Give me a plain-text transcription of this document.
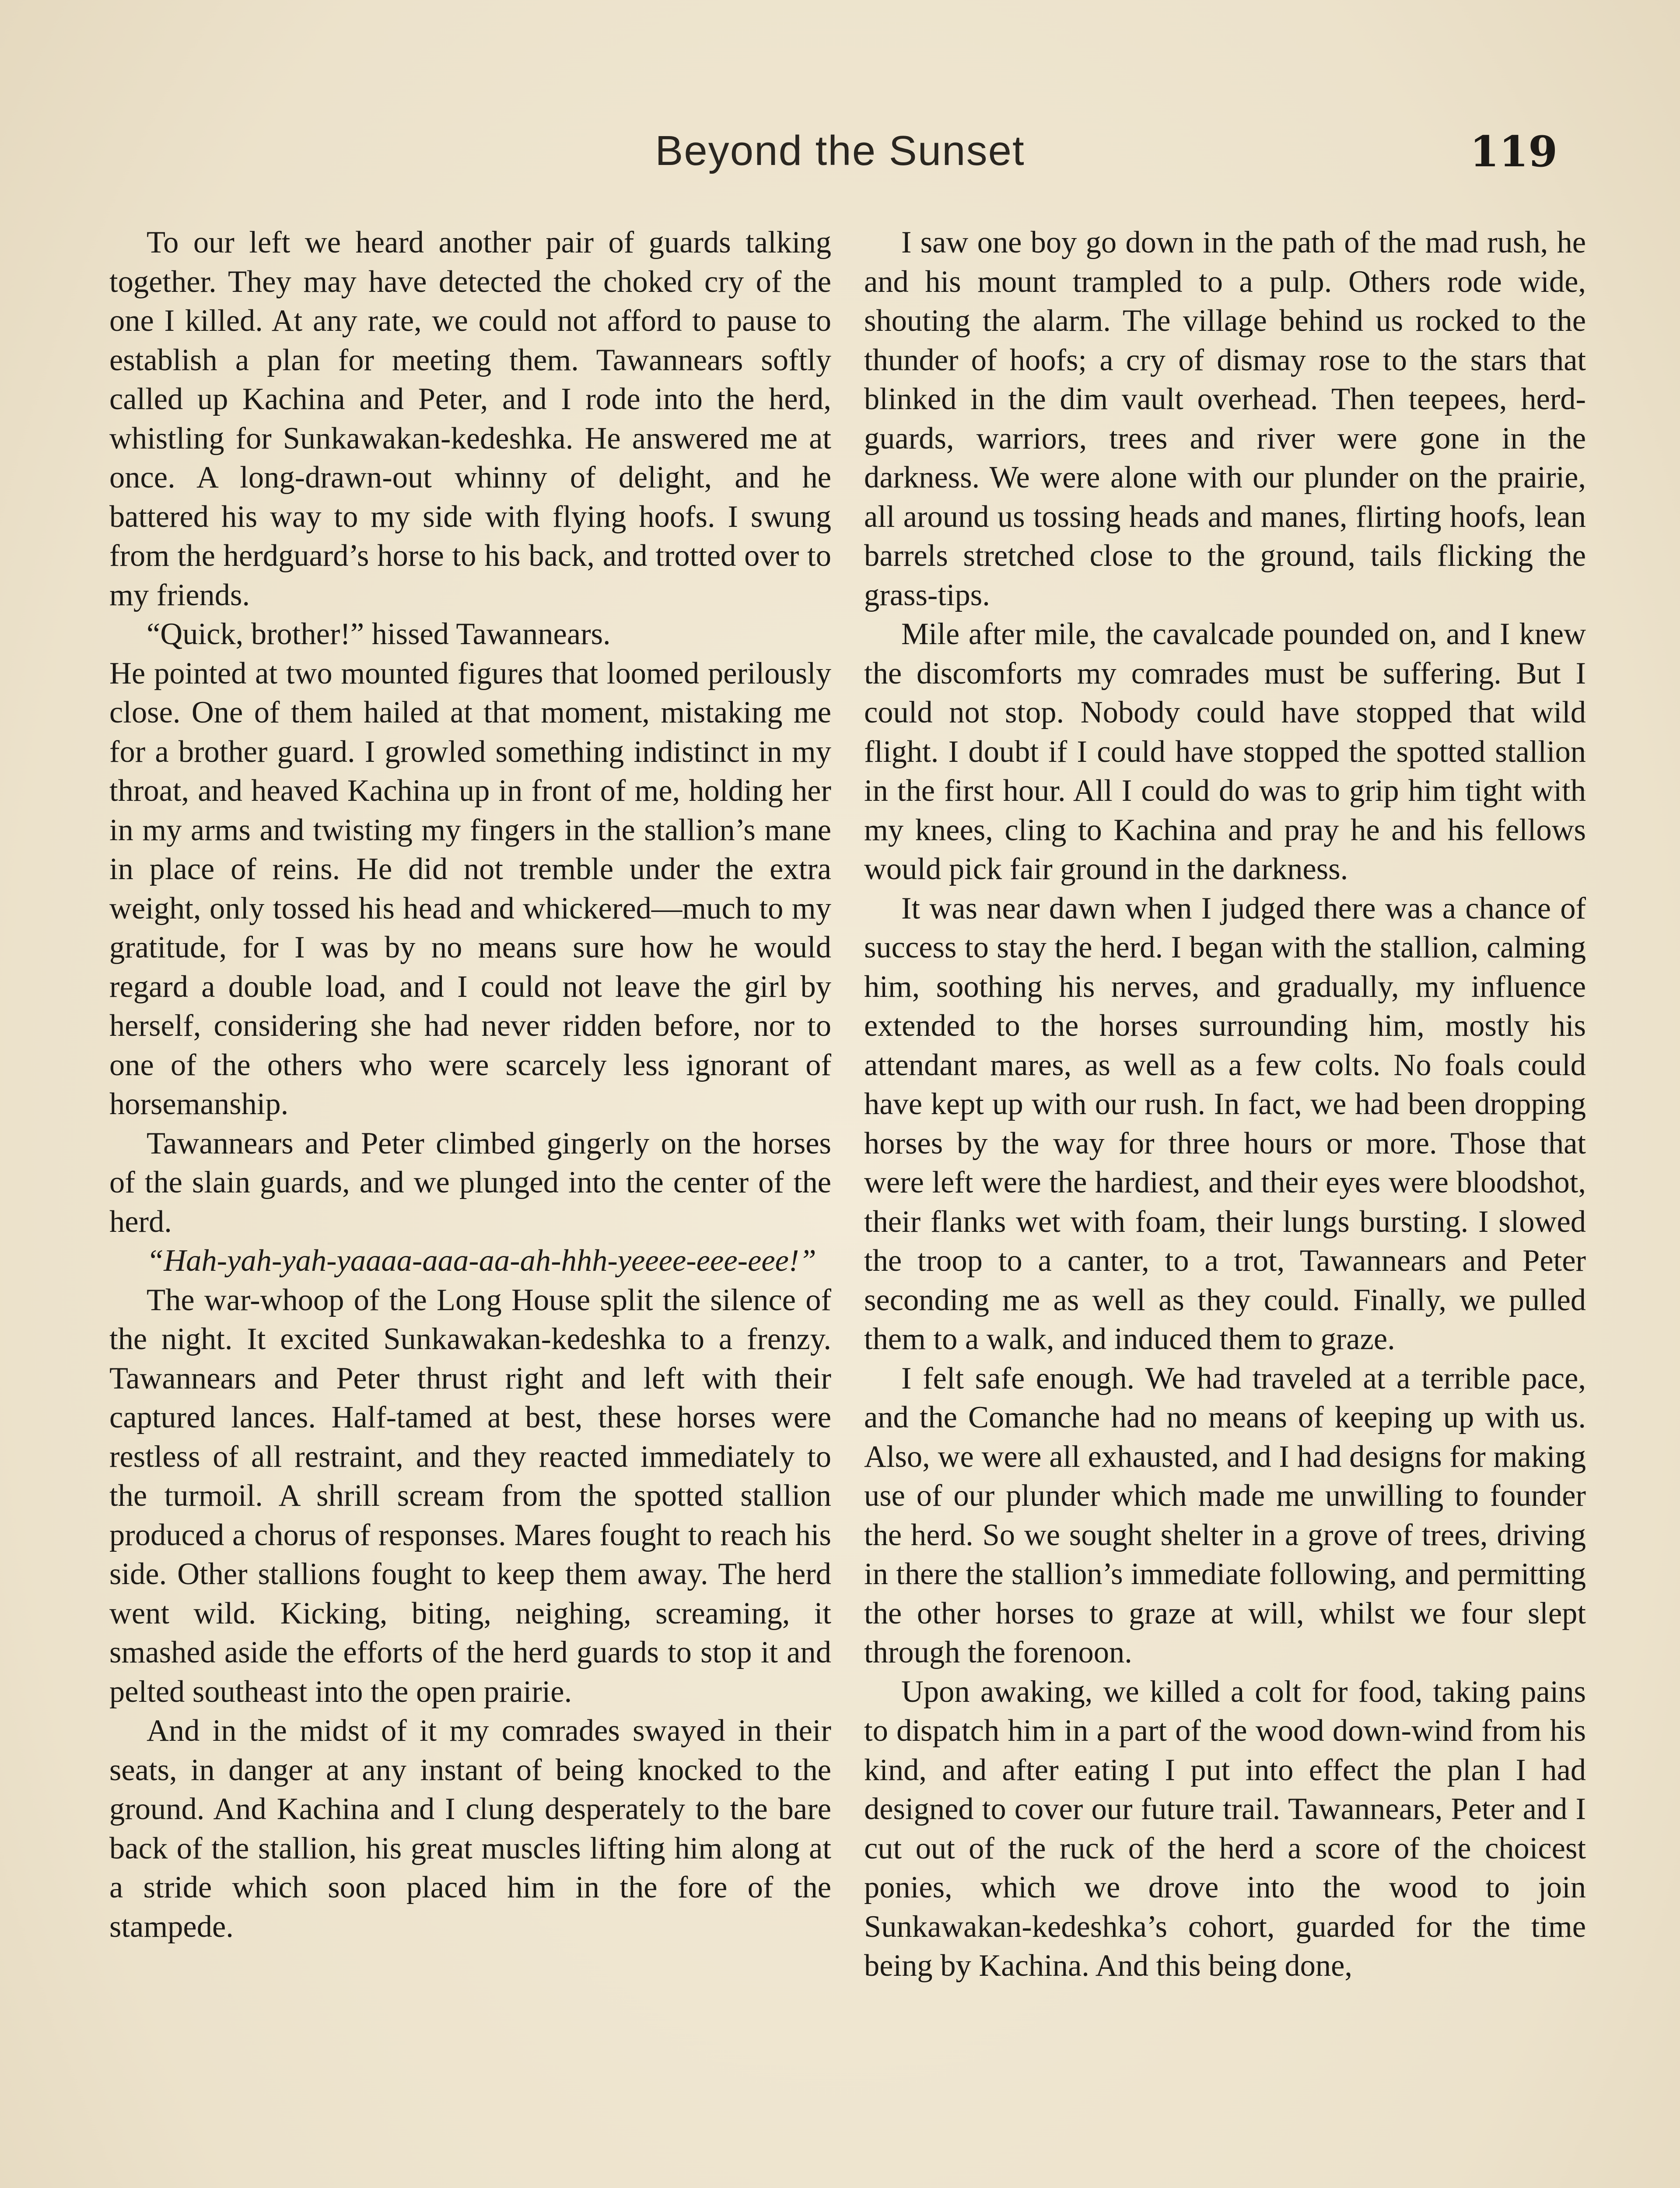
Beyond the Sunset	119

To our left we heard another pair of guards talking together. They may have detected the choked cry of the one I killed. At any rate, we could not afford to pause to establish a plan for meeting them. Tawannears softly called up Kachina and Peter, and I rode into the herd, whistling for Sunkawakan-kedeshka. He answered me at once. A long-drawn-out whinny of delight, and he battered his way to my side with flying hoofs. I swung from the herdguard’s horse to his back, and trotted over to my friends.

“Quick, brother!” hissed Tawannears.

He pointed at two mounted figures that loomed perilously close. One of them hailed at that moment, mistaking me for a brother guard. I growled something indistinct in my throat, and heaved Kachina up in front of me, holding her in my arms and twisting my fingers in the stallion’s mane in place of reins. He did not tremble under the extra weight, only tossed his head and whickered—much to my gratitude, for I was by no means sure how he would regard a double load, and I could not leave the girl by herself, considering she had never ridden before, nor to one of the others who were scarcely less ignorant of horsemanship.

Tawannears and Peter climbed gingerly on the horses of the slain guards, and we plunged into the center of the herd.

“Hah-yah-yah-yaaaa-aaa-aa-ah-hhh-yeeee-eee-eee!”

The war-whoop of the Long House split the silence of the night. It excited Sunkawakan-kedeshka to a frenzy. Tawannears and Peter thrust right and left with their captured lances. Half-tamed at best, these horses were restless of all restraint, and they reacted immediately to the turmoil. A shrill scream from the spotted stallion produced a chorus of responses. Mares fought to reach his side. Other stallions fought to keep them away. The herd went wild. Kicking, biting, neighing, screaming, it smashed aside the efforts of the herd guards to stop it and pelted southeast into the open prairie.

And in the midst of it my comrades swayed in their seats, in danger at any instant of being knocked to the ground. And Kachina and I clung desperately to the bare back of the stallion, his great muscles lifting him along at a stride which soon placed him in the fore of the stampede.

I saw one boy go down in the path of the mad rush, he and his mount trampled to a pulp. Others rode wide, shouting the alarm. The village behind us rocked to the thunder of hoofs; a cry of dismay rose to the stars that blinked in the dim vault overhead. Then teepees, herd-guards, warriors, trees and river were gone in the darkness. We were alone with our plunder on the prairie, all around us tossing heads and manes, flirting hoofs, lean barrels stretched close to the ground, tails flicking the grass-tips.

Mile after mile, the cavalcade pounded on, and I knew the discomforts my comrades must be suffering. But I could not stop. Nobody could have stopped that wild flight. I doubt if I could have stopped the spotted stallion in the first hour. All I could do was to grip him tight with my knees, cling to Kachina and pray he and his fellows would pick fair ground in the darkness.

It was near dawn when I judged there was a chance of success to stay the herd. I began with the stallion, calming him, soothing his nerves, and gradually, my influence extended to the horses surrounding him, mostly his attendant mares, as well as a few colts. No foals could have kept up with our rush. In fact, we had been dropping horses by the way for three hours or more. Those that were left were the hardiest, and their eyes were bloodshot, their flanks wet with foam, their lungs bursting. I slowed the troop to a canter, to a trot, Tawannears and Peter seconding me as well as they could. Finally, we pulled them to a walk, and induced them to graze.

I felt safe enough. We had traveled at a terrible pace, and the Comanche had no means of keeping up with us. Also, we were all exhausted, and I had designs for making use of our plunder which made me unwilling to founder the herd. So we sought shelter in a grove of trees, driving in there the stallion’s immediate following, and permitting the other horses to graze at will, whilst we four slept through the forenoon.

Upon awaking, we killed a colt for food, taking pains to dispatch him in a part of the wood down-wind from his kind, and after eating I put into effect the plan I had designed to cover our future trail. Tawannears, Peter and I cut out of the ruck of the herd a score of the choicest ponies, which we drove into the wood to join Sunkawakan-kedeshka’s cohort, guarded for the time being by Kachina. And this being done,
